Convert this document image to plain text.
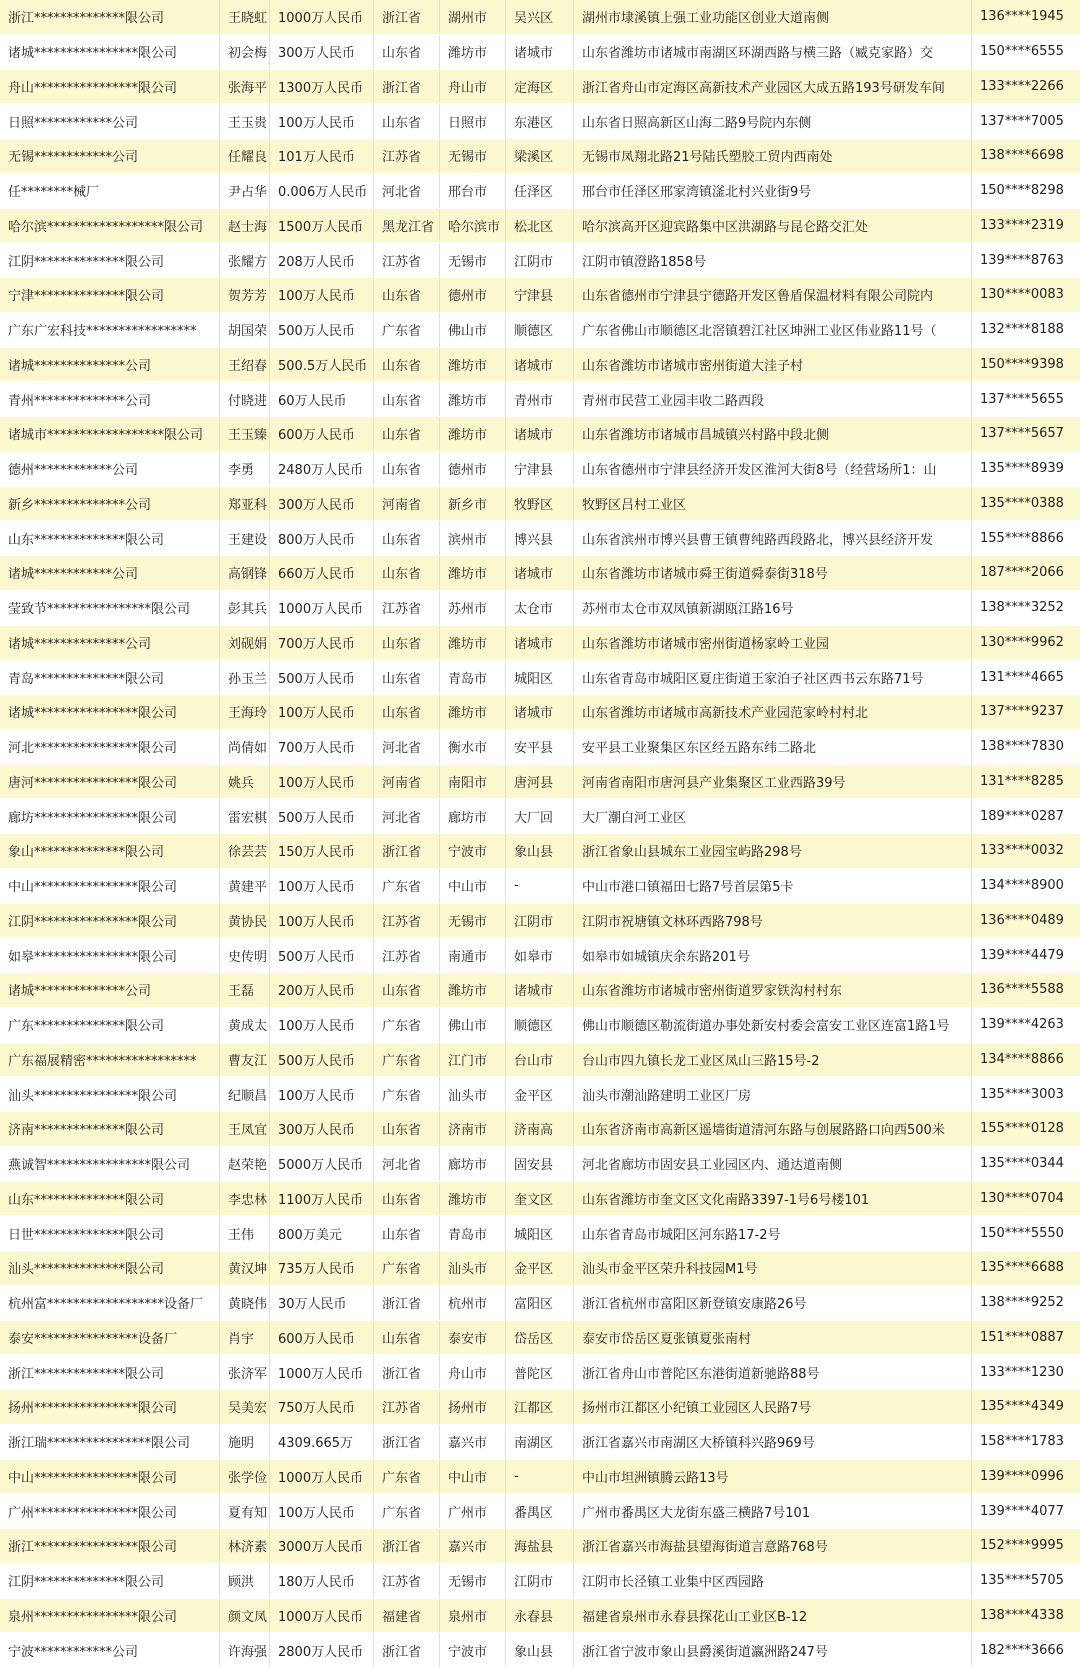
浙江**************限公司	王晓虹 1000万人民币	浙江省	湖州市	吴兴区	湖州市埭溪镇上强工业功能区创业大道南侧	136****1945
诸城****************限公司	初会梅 300万人民币	山东省	潍坊市	诸城市	山东省潍坊市诸城市南湖区环湖西路与横三路（臧克家路）交	150****6555
舟山****************限公司	张海平 1300万人民币	浙江省	舟山市	定海区	浙江省舟山市定海区高新技术产业园区大成五路193号研发车间	133****2266
日照************公司	王玉贵 100万人民币	山东省	日照市	东港区	山东省日照高新区山海二路9号院内东侧	137****7005
无锡************公司	任耀良 101万人民币	江苏省	无锡市	梁溪区	无锡市凤翔北路21号陆氏塑胶工贸内西南处	138****6698
任********械厂	尹占华 0.006万人民币	河北省	邢台市	任泽区	邢台市任泽区邢家湾镇滏北村兴业街9号	150****8298
哈尔滨******************限公司	赵士海 1500万人民币	黑龙江省	哈尔滨市	松北区	哈尔滨高开区迎宾路集中区洪湖路与昆仑路交汇处	133****2319
江阴**************限公司	张耀方 208万人民币	江苏省	无锡市	江阴市	江阴市镇澄路1858号	139****8763
宁津**************限公司	贺芳芳 100万人民币	山东省	德州市	宁津县	山东省德州市宁津县宁德路开发区鲁盾保温材料有限公司院内	130****0083
广东广宏科技*****************	胡国荣 500万人民币	广东省	佛山市	顺德区	广东省佛山市顺德区北滘镇碧江社区坤洲工业区伟业路11号（	132****8188
诸城**************公司	王绍春 500.5万人民币	山东省	潍坊市	诸城市	山东省潍坊市诸城市密州街道大洼子村	150****9398
青州**************公司	付晓进 60万人民币	山东省	潍坊市	青州市	青州市民营工业园丰收二路西段	137****5655
诸城市******************限公司	王玉臻 600万人民币	山东省	潍坊市	诸城市	山东省潍坊市诸城市昌城镇兴村路中段北侧	137****5657
德州************公司	李勇	2480万人民币	山东省	德州市	宁津县	山东省德州市宁津县经济开发区淮河大街8号（经营场所1：山	135****8939
新乡**************公司	郑亚科 300万人民币	河南省	新乡市	牧野区	牧野区吕村工业区	135****0388
山东**************限公司	王建设 800万人民币	山东省	滨州市	博兴县	山东省滨州市博兴县曹王镇曹纯路西段路北，博兴县经济开发	155****8866
诸城************公司	高钢锋 660万人民币	山东省	潍坊市	诸城市	山东省潍坊市诸城市舜王街道舜泰街318号	187****2066
莹致节****************限公司	彭其兵 1000万人民币	江苏省	苏州市	太仓市	苏州市太仓市双凤镇新湖瓯江路16号	138****3252
诸城**************公司	刘砚娟 700万人民币	山东省	潍坊市	诸城市	山东省潍坊市诸城市密州街道杨家岭工业园	130****9962
青岛**************限公司	孙玉兰 500万人民币	山东省	青岛市	城阳区	山东省青岛市城阳区夏庄街道王家泊子社区西书云东路71号	131****4665
诸城****************限公司	王海玲 100万人民币	山东省	潍坊市	诸城市	山东省潍坊市诸城市高新技术产业园范家岭村村北	137****9237
河北****************限公司	尚倩如 700万人民币	河北省	衡水市	安平县	安平县工业聚集区东区经五路东纬二路北	138****7830
唐河****************限公司	姚兵	100万人民币	河南省	南阳市	唐河县	河南省南阳市唐河县产业集聚区工业西路39号	131****8285
廊坊****************限公司	雷宏棋 500万人民币	河北省	廊坊市	大厂回	大厂潮白河工业区	189****0287
象山**************限公司	徐芸芸 150万人民币	浙江省	宁波市	象山县	浙江省象山县城东工业园宝屿路298号	133****0032
中山****************限公司	黄建平 100万人民币	广东省	中山市	-	中山市港口镇福田七路7号首层第5卡	134****8900
江阴****************限公司	黄协民 100万人民币	江苏省	无锡市	江阴市	江阴市祝塘镇文林环西路798号	136****0489
如皋****************限公司	史传明 500万人民币	江苏省	南通市	如皋市	如皋市如城镇庆余东路201号	139****4479
诸城**************公司	王磊	200万人民币	山东省	潍坊市	诸城市	山东省潍坊市诸城市密州街道罗家铁沟村村东	136****5588
广东**************限公司	黄成太 100万人民币	广东省	佛山市	顺德区	佛山市顺德区勒流街道办事处新安村委会富安工业区连富1路1号	139****4263
广东福展精密*****************	曹友江 500万人民币	广东省	江门市	台山市	台山市四九镇长龙工业区凤山三路15号-2	134****8866
汕头****************限公司	纪顺昌 100万人民币	广东省	汕头市	金平区	汕头市潮汕路建明工业区厂房	135****3003
济南**************限公司	王凤宜 300万人民币	山东省	济南市	济南高	山东省济南市高新区遥墙街道清河东路与创展路路口向西500米	155****0128
燕诚智****************限公司	赵荣艳 5000万人民币	河北省	廊坊市	固安县	河北省廊坊市固安县工业园区内、通达道南侧	135****0344
山东**************限公司	李忠林 1100万人民币	山东省	潍坊市	奎文区	山东省潍坊市奎文区文化南路3397-1号6号楼101	130****0704
日世**************限公司	王伟	800万美元	山东省	青岛市	城阳区	山东省青岛市城阳区河东路17-2号	150****5550
汕头**************限公司	黄汉坤 735万人民币	广东省	汕头市	金平区	汕头市金平区荣升科技园M1号	135****6688
杭州富******************设备厂	黄晓伟 30万人民币	浙江省	杭州市	富阳区	浙江省杭州市富阳区新登镇安康路26号	138****9252
泰安****************设备厂	肖宇	600万人民币	山东省	泰安市	岱岳区	泰安市岱岳区夏张镇夏张南村	151****0887
浙江**************限公司	张济军 1000万人民币	浙江省	舟山市	普陀区	浙江省舟山市普陀区东港街道新驰路88号	133****1230
扬州****************限公司	吴美宏 750万人民币	江苏省	扬州市	江都区	扬州市江都区小纪镇工业园区人民路7号	135****4349
浙江瑞****************限公司	施明	4309.665万	浙江省	嘉兴市	南湖区	浙江省嘉兴市南湖区大桥镇科兴路969号	158****1783
中山****************限公司	张学俭 1000万人民币	广东省	中山市	-	中山市坦洲镇腾云路13号	139****0996
广州****************限公司	夏有知 100万人民币	广东省	广州市	番禺区	广州市番禺区大龙街东盛三横路7号101	139****4077
浙江****************限公司	林济素 3000万人民币	浙江省	嘉兴市	海盐县	浙江省嘉兴市海盐县望海街道言意路768号	152****9995
江阴**************限公司	顾洪	180万人民币	江苏省	无锡市	江阴市	江阴市长泾镇工业集中区西园路	135****5705
泉州****************限公司	颜文凤 1000万人民币	福建省	泉州市	永春县	福建省泉州市永春县探花山工业区B-12	138****4338
宁波************公司	许海强 2800万人民币	浙江省	宁波市	象山县	浙江省宁波市象山县爵溪街道瀛洲路247号	182****3666
